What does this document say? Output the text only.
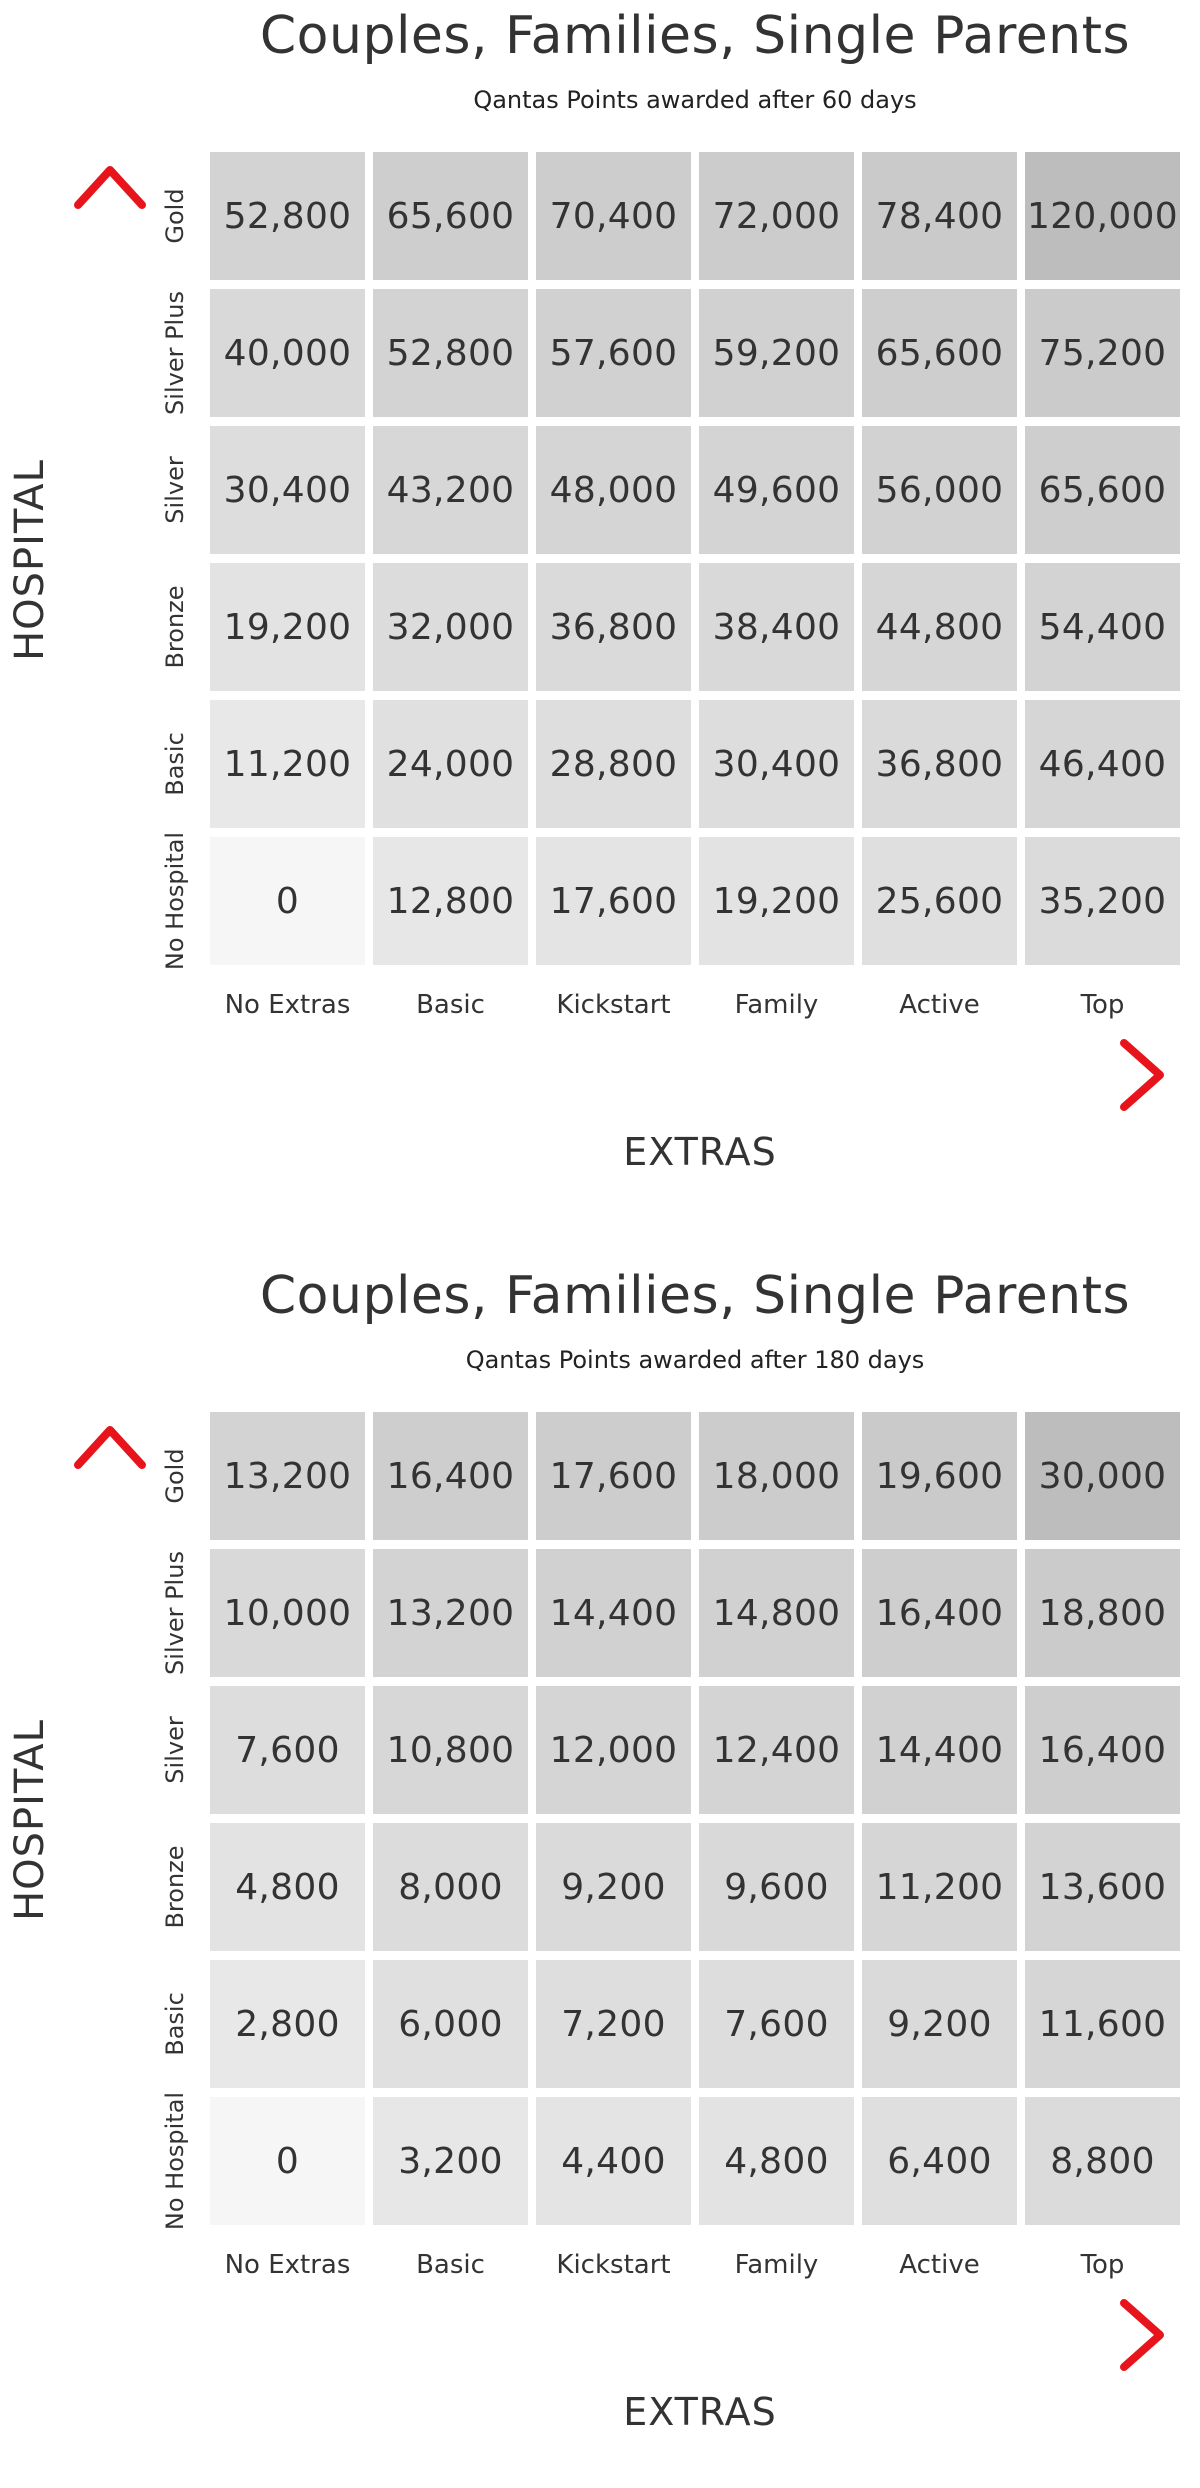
Couples, Families, Single Parents
Qantas Points awarded after 60 days
HOSPITAL
EXTRAS
52,800 65,600 70,400 72,000 78,400 120,000
40,000 52,800 57,600 59,200 65,600 75,200
30,400 43,200 48,000 49,600 56,000 65,600
19,200 32,000 36,800 38,400 44,800 54,400
11,200 24,000 28,800 30,400 36,800 46,400
0	12,800 17,600 19,200 25,600 35,200
Gold
Silver Plus
Silver
Bronze
Basic
No Hospital
No Extras	Basic	Kickstart	Family	Active	Top
Couples, Families, Single Parents
Qantas Points awarded after 180 days
HOSPITAL
EXTRAS
13,200 16,400 17,600 18,000 19,600 30,000
10,000 13,200 14,400 14,800 16,400 18,800
7,600	10,800 12,000 12,400 14,400 16,400
4,800	8,000	9,200	9,600	11,200 13,600
2,800	6,000	7,200	7,600	9,200	11,600
0	3,200	4,400	4,800	6,400	8,800
Gold
Silver Plus
Silver
Bronze
Basic
No Hospital
No Extras	Basic	Kickstart	Family	Active	Top
